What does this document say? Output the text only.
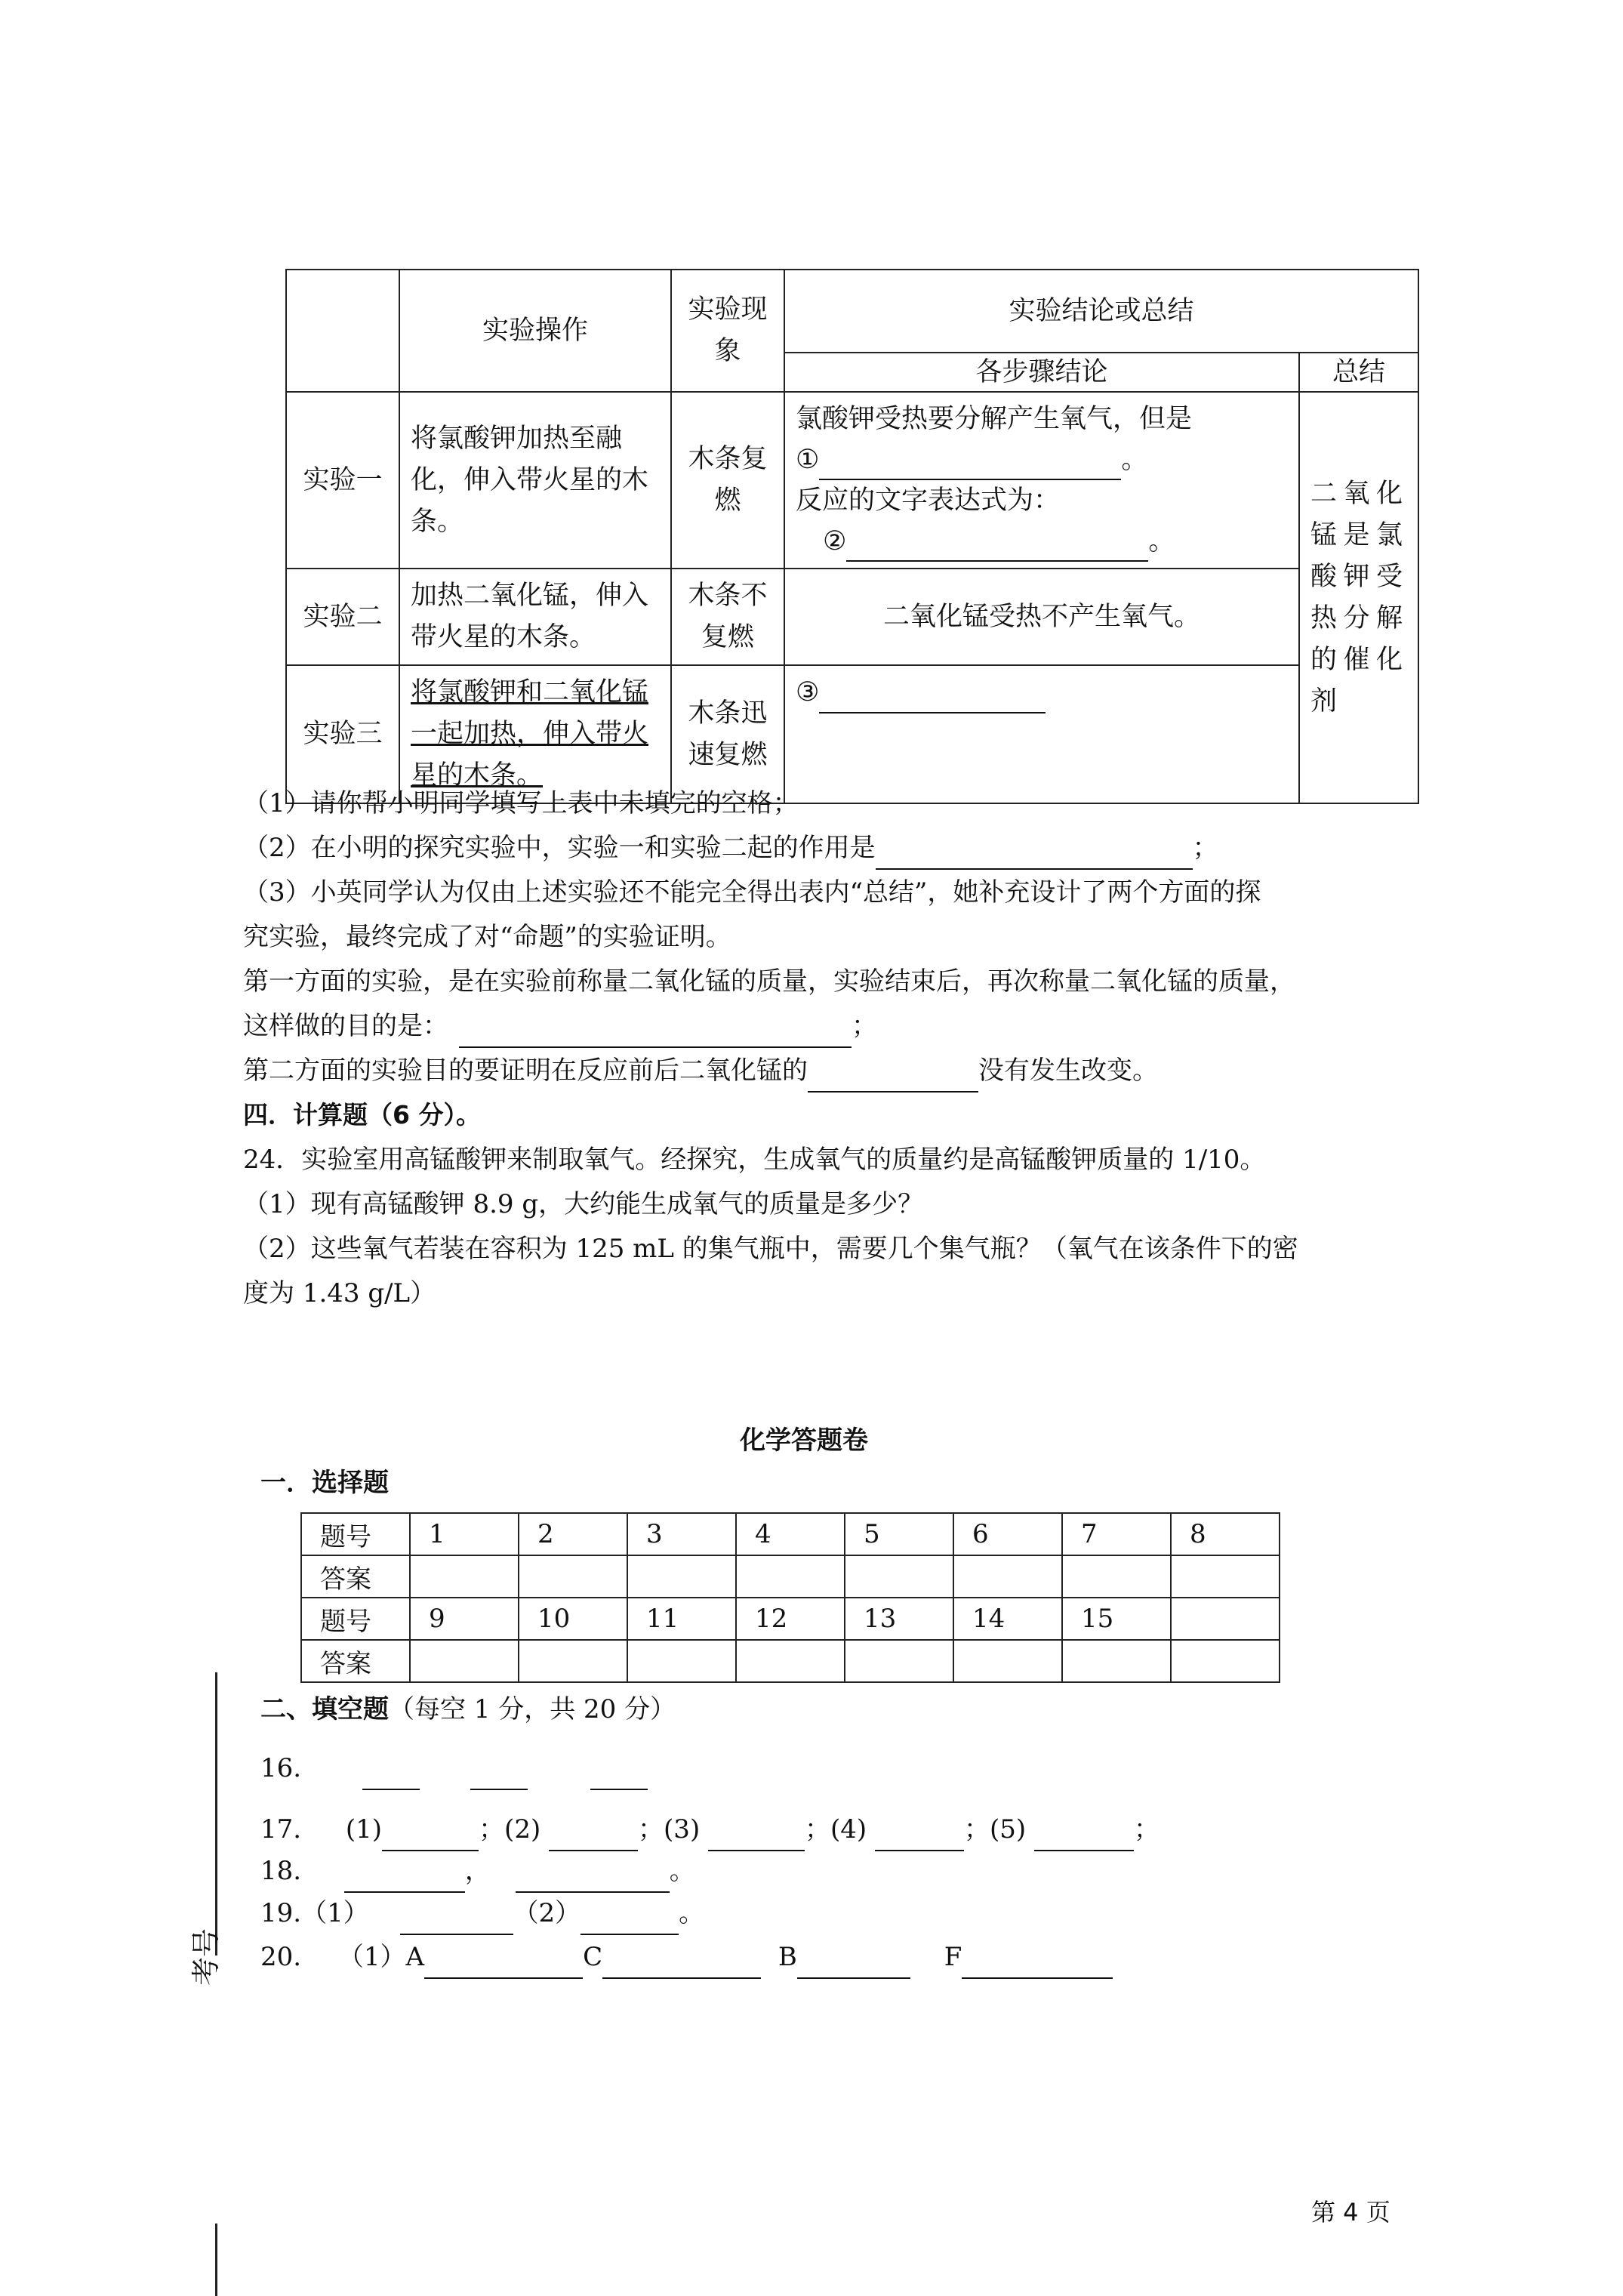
	实验操作	实验现象	实验结论或总结	
			各步骤结论	总结
实验一	将氯酸钾加热至融化，伸入带火星的木条。	木条复燃	氯酸钾受热要分解产生氧气，但是
① 。
反应的文字表达式为：
② 。	二氧化锰是氯酸钾受热分解的催化剂
实验二	加热二氧化锰，伸入带火星的木条。	木条不复燃	二氧化锰受热不产生氧气。	
实验三	将氯酸钾和二氧化锰一起加热，伸入带火星的木条。	木条迅速复燃	③	
（1）请你帮小明同学填写上表中未填完的空格；
（2）在小明的探究实验中，实验一和实验二起的作用是	；
（3）小英同学认为仅由上述实验还不能完全得出表内“总结”，她补充设计了两个方面的探
究实验，最终完成了对“命题”的实验证明。
第一方面的实验，是在实验前称量二氧化锰的质量，实验结束后，再次称量二氧化锰的质量，
这样做的目的是：	；
第二方面的实验目的要证明在反应前后二氧化锰的	没有发生改变。
四．计算题（6 分）。
24．实验室用高锰酸钾来制取氧气。经探究，生成氧气的质量约是高锰酸钾质量的 1/10。
（1）现有高锰酸钾 8.9 g，大约能生成氧气的质量是多少？
（2）这些氧气若装在容积为 125 mL 的集气瓶中，需要几个集气瓶？（氧气在该条件下的密
度为 1.43 g/L）
化学答题卷
一．选择题
题号	1	2	3	4	5	6	7	8
答案								
题号	9	10	11	12	13	14	15	
答案								
二、填空题（每空 1 分，共 20 分）
16.
17. (1)	；(2)	；(3)	；(4)	；(5)	；
18.	，	。
19.（1）	（2）	。
20. （1）A	C	B	F
考号
第 4 页
